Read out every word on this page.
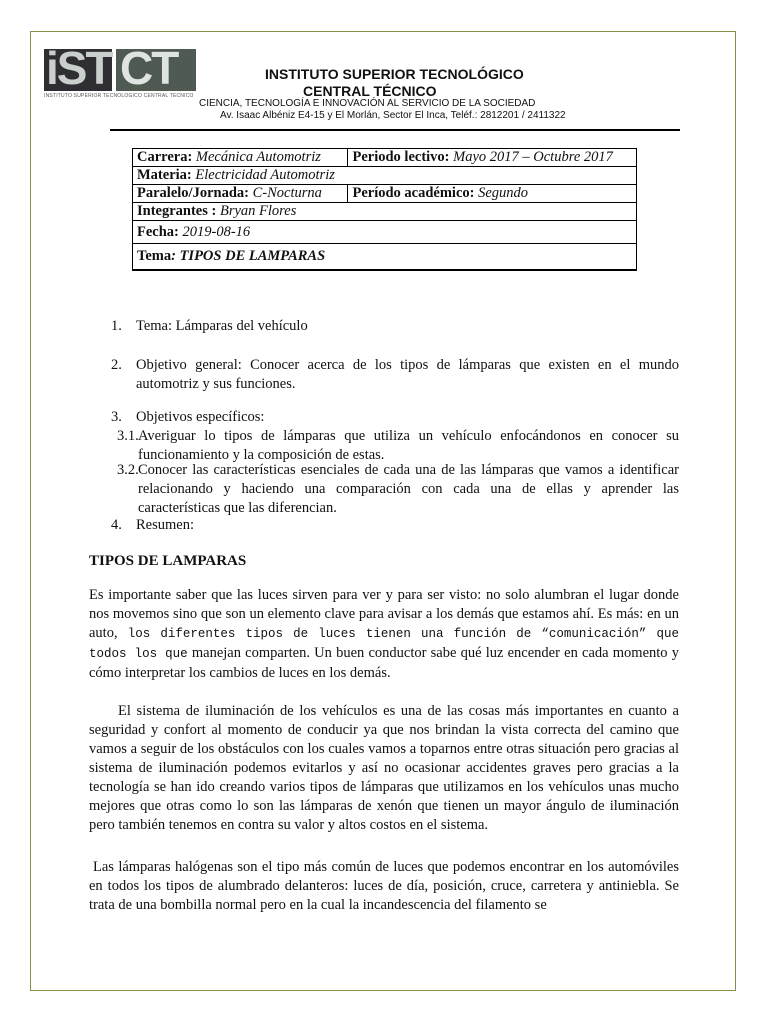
iST CT
INSTITUTO SUPERIOR TECNOLÓGICO CENTRAL TÉCNICO
INSTITUTO SUPERIOR TECNOLÓGICO
CENTRAL TÉCNICO
CIENCIA, TECNOLOGÍA E INNOVACIÓN AL SERVICIO DE LA SOCIEDAD
Av. Isaac Albéniz E4-15 y El Morlán, Sector El Inca, Teléf.: 2812201 / 2411322
Carrera: Mecánica Automotriz	Periodo lectivo: Mayo 2017 – Octubre 2017
Materia: Electricidad Automotriz	
Paralelo/Jornada: C-Nocturna	Período académico: Segundo
Integrantes : Bryan Flores	
Fecha: 2019-08-16	
Tema: TIPOS DE LAMPARAS	
1. Tema: Lámparas del vehículo
2. Objetivo general: Conocer acerca de los tipos de lámparas que existen en el mundo automotriz y sus funciones.
3. Objetivos específicos:
3.1. Averiguar lo tipos de lámparas que utiliza un vehículo enfocándonos en conocer su funcionamiento y la composición de estas.
3.2. Conocer las características esenciales de cada una de las lámparas que vamos a identificar relacionando y haciendo una comparación con cada una de ellas y aprender las características que las diferencian.
4. Resumen:
TIPOS DE LAMPARAS
Es importante saber que las luces sirven para ver y para ser visto: no solo alumbran el lugar donde nos movemos sino que son un elemento clave para avisar a los demás que estamos ahí. Es más: en un auto, los diferentes tipos de luces tienen una función de “comunicación” que todos los que manejan comparten. Un buen conductor sabe qué luz encender en cada momento y cómo interpretar los cambios de luces en los demás.
El sistema de iluminación de los vehículos es una de las cosas más importantes en cuanto a seguridad y confort al momento de conducir ya que nos brindan la vista correcta del camino que vamos a seguir de los obstáculos con los cuales vamos a toparnos entre otras situación pero gracias al sistema de iluminación podemos evitarlos y así no ocasionar accidentes graves pero gracias a la tecnología se han ido creando varios tipos de lámparas que utilizamos en los vehículos unas mucho mejores que otras como lo son las lámparas de xenón que tienen un mayor ángulo de iluminación pero también tenemos en contra su valor y altos costos en el sistema.
Las lámparas halógenas son el tipo más común de luces que podemos encontrar en los automóviles en todos los tipos de alumbrado delanteros: luces de día, posición, cruce, carretera y antiniebla. Se trata de una bombilla normal pero en la cual la incandescencia del filamento se
